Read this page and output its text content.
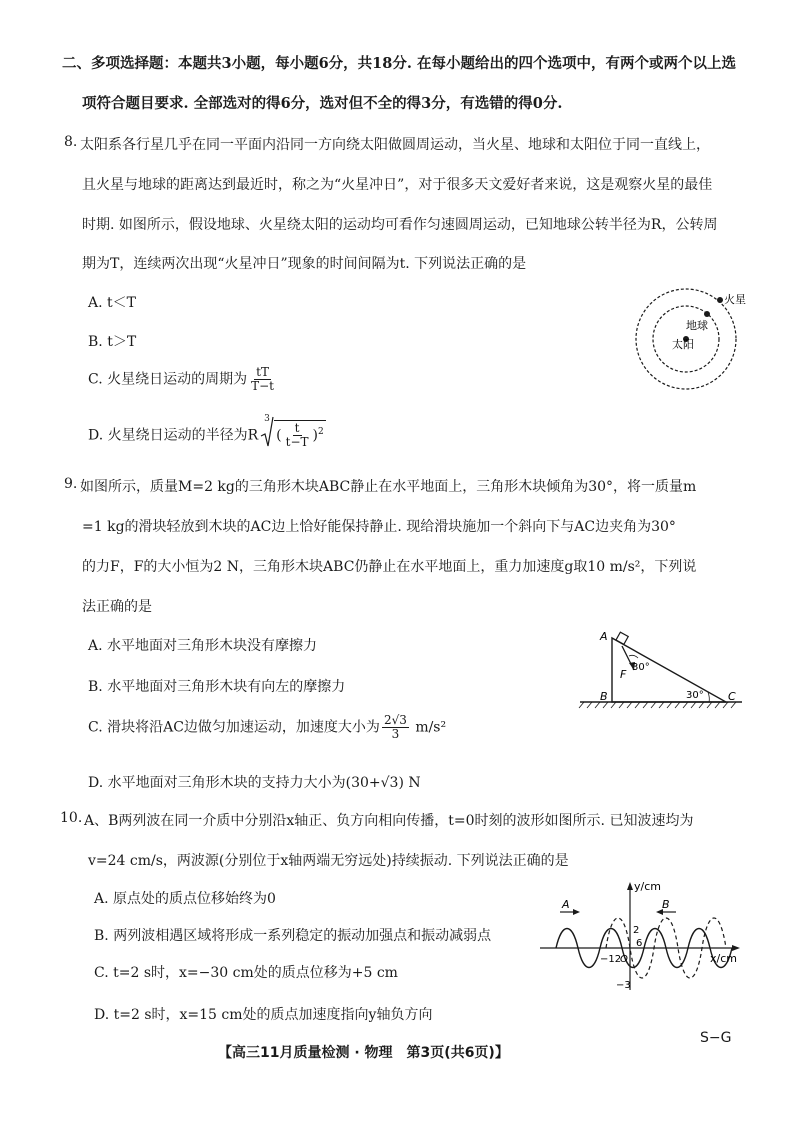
二、多项选择题：本题共3小题，每小题6分，共18分. 在每小题给出的四个选项中，有两个或两个以上选
项符合题目要求. 全部选对的得6分，选对但不全的得3分，有选错的得0分.
8. 太阳系各行星几乎在同一平面内沿同一方向绕太阳做圆周运动，当火星、地球和太阳位于同一直线上，
且火星与地球的距离达到最近时，称之为“火星冲日”，对于很多天文爱好者来说，这是观察火星的最佳
时期. 如图所示，假设地球、火星绕太阳的运动均可看作匀速圆周运动，已知地球公转半径为R，公转周
期为T，连续两次出现“火星冲日”现象的时间间隔为t. 下列说法正确的是
A. t＜T
B. t＞T
C. 火星绕日运动的周期为 $\frac{tT}{T-t}$
D. 火星绕日运动的半径为R
3
( $\frac{t}{t-T} )^2$
火星
地球
太阳
9. 如图所示，质量M=2 kg的三角形木块ABC静止在水平地面上，三角形木块倾角为30°，将一质量m
=1 kg的滑块轻放到木块的AC边上恰好能保持静止. 现给滑块施加一个斜向下与AC边夹角为30°
的力F，F的大小恒为2 N，三角形木块ABC仍静止在水平地面上，重力加速度g取10 m/s²，下列说
法正确的是
A. 水平地面对三角形木块没有摩擦力
B. 水平地面对三角形木块有向左的摩擦力
C. 滑块将沿AC边做匀加速运动，加速度大小为 $\frac{2√3}{3} m/s^2$
D. 水平地面对三角形木块的支持力大小为(30+√3) N
A
B	C
F
30°
30°
10. A、B两列波在同一介质中分别沿x轴正、负方向相向传播，t=0时刻的波形如图所示. 已知波速均为
v=24 cm/s，两波源(分别位于x轴两端无穷远处)持续振动. 下列说法正确的是
A. 原点处的质点位移始终为0
B. 两列波相遇区域将形成一系列稳定的振动加强点和振动减弱点
C. t=2 s时，x=−30 cm处的质点位移为+5 cm
D. t=2 s时，x=15 cm处的质点加速度指向y轴负方向
A	B
y/cm
x/cm
2
−3
−12
O
6
【高三11月质量检测 · 物理　第3页(共6页)】
S−G
